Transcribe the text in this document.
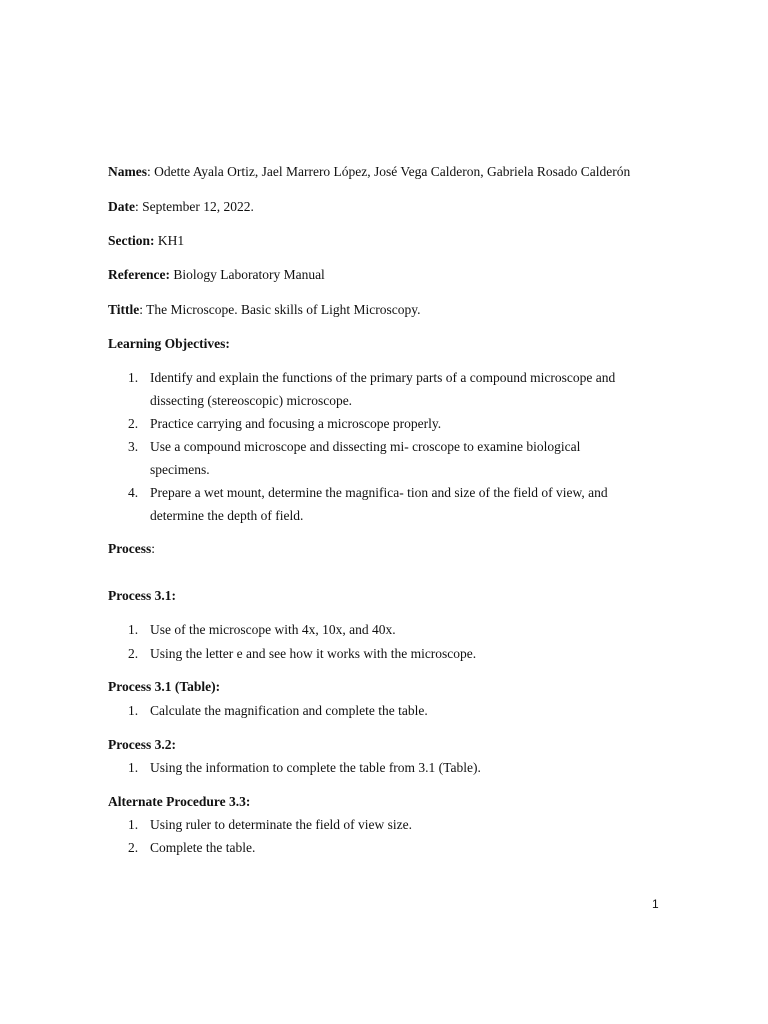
Names: Odette Ayala Ortiz, Jael Marrero López, José Vega Calderon, Gabriela Rosado Calderón
Date: September 12, 2022.
Section: KH1
Reference: Biology Laboratory Manual
Tittle: The Microscope. Basic skills of Light Microscopy.
Learning Objectives:
1. Identify and explain the functions of the primary parts of a compound microscope and
dissecting (stereoscopic) microscope.
2. Practice carrying and focusing a microscope properly.
3. Use a compound microscope and dissecting mi- croscope to examine biological
specimens.
4. Prepare a wet mount, determine the magnifica- tion and size of the field of view, and
determine the depth of field.
Process:
Process 3.1:
1. Use of the microscope with 4x, 10x, and 40x.
2. Using the letter e and see how it works with the microscope.
Process 3.1 (Table):
1. Calculate the magnification and complete the table.
Process 3.2:
1. Using the information to complete the table from 3.1 (Table).
Alternate Procedure 3.3:
1. Using ruler to determinate the field of view size.
2. Complete the table.
1
